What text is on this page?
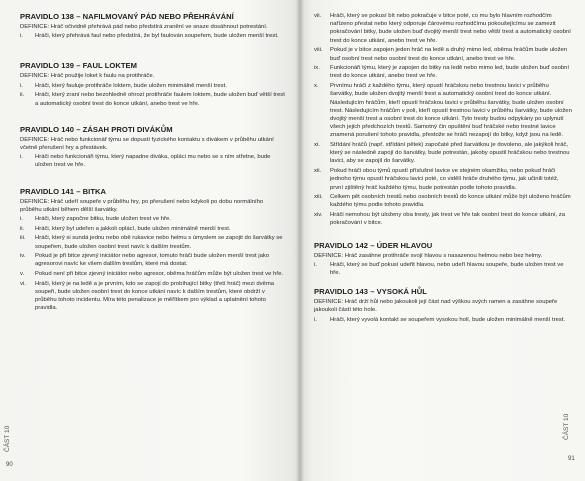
PRAVIDLO 138 – NAFILMOVANÝ PÁD NEBO PŘEHRÁVÁNÍ

DEFINICE: Hráč očividně přehrává pád nebo předstírá zranění ve snaze dosáhnout potrestání.

i.	Hráči, který přehrává faul nebo předstírá, že byl faulován soupeřem, bude uložen menší trest.
PRAVIDLO 139 – FAUL LOKTEM

DEFINICE: Hráč použije loket k faulu na protihráče.

i.	Hráči, který fauluje protihráče loktem, bude uložen minimálně menší trest.
ii.	Hráči, který zraní nebo bezohledně ohrozí protihráče faulem loktem, bude uložen buď větší trest a automatický osobní trest do konce utkání, anebo trest ve hře.
PRAVIDLO 140 – ZÁSAH PROTI DIVÁKŮM

DEFINICE: Hráč nebo funkcionář týmu se dopustí fyzického kontaktu s divákem v průběhu utkání včetně přerušení hry a přestávek.

i.	Hráči nebo funkcionáři týmu, který napadne diváka, opláci mu nebo se s ním střetne, bude uložen trest ve hře.
PRAVIDLO 141 – BITKA

DEFINICE: Hráč udeří soupeře v průběhu hry, po přerušení nebo kdykoli po dobu normálního průběhu utkání během dělší šarvátky.

i.	Hráči, který započne bitku, bude uložen trest ve hře.
ii.	Hráči, který byl udeřen a jakkoli oplácí, bude uložen minimálně menší trest.
iii.	Hráči, který si sundá jednu nebo obě rukavice nebo helmu s úmyslem se zapojit do šarvátky se soupeřem, bude uložen osobní trest navíc k dalším trestům.
iv.	Pokud je při bitce zjevný iniciátor nebo agresor, tomuto hráči bude uložen menší trest jako agresorovi navíc ke všem dalším trestům, které má dostat.
v.	Pokud není při bitce zjevný iniciátor nebo agresor, oběma hráčům může být uložen trest ve hře.
vi.	Hráči, který je na ledě a je prvním, kdo se zapojí do probíhající bitky (třetí hráč) mezi dvěma soupeři, bude uložen osobní trest do konce utkání navíc k dalším trestům, které obdrží v průběhu tohoto incidentu. Míra této penalizace je měřítkem pro výklad a uplatnění tohoto pravidla.
ČÁST 10
90
vii.	Hráči, který se pokusí bít nebo pokračuje v bitce poté, co mu bylo hlavním rozhodčím nařízeno přestat nebo který odporuje čárovému rozhodčímu pokoušejícímu se zamezit pokračování bitky, bude uložen buď dvojitý menší trest nebo větší trest a automatický osobní trest do konce utkání, anebo trest ve hře.
viii.	Pokud je v bitce zapojen jeden hráč na ledě a druhý mimo led, oběma hráčům bude uložen buď osobní trest nebo osobní trest do konce utkání, anebo trest ve hře.
ix.	Funkcionáři týmu, který je zapojen do bitky na ledě nebo mimo led, bude uložen buď osobní trest do konce utkání, anebo trest ve hře.
x.	Prvnímu hráči z každého týmu, který opustí hráčskou nebo trestnou lavici v průběhu šarvátky, bude uložen dvojitý menší trest a automatický osobní trest do konce utkání. Následujícím hráčům, kteří opustí hráčskou lavici v průběhu šarvátky, bude uložen osobní trest. Následujícím hráčům v poli, kteří opustí trestnou lavici v průběhu šarvátky, bude uložen dvojitý menší trest a osobní trest do konce utkání. Tyto tresty budou odpykány po uplynutí všech jejich předchozích trestů. Samotný čin opuštění buď hráčské nebo trestné lavice znamená porušení tohoto pravidla, přestože se hráči nezapojí do bitky, když jsou na ledě.
xi.	Střídání hráčů (např. střídání pětek) započaté před šarvátkou je dovoleno, ale jakýkoli hráč, který se následně zapojí do šarvátky, bude potrestán, jakoby opustil hráčskou nebo trestnou lavici, aby se zapojil do šarvátky.
xii.	Pokud hráči obou týmů opustí příslušné lavice ve stejném okamžiku, nebo pokud hráči jednoho týmu opustí hráčskou lavici poté, co vidělí hráče druhého týmu, jak učinili totéž, první zjištěný hráč každého týmu, bude potrestán podle tohoto pravidla.
xiii.	Celkem pět osobních trestů nebo osobních trestů do konce utkání může být uloženo hráčům každého týmu podle tohoto pravidla.
xiv.	Hráči nemohou být uloženy oba tresty, jak trest ve hře tak osobní trest do konce utkání, za pokračování v bitce.
PRAVIDLO 142 – ÚDER HLAVOU

DEFINICE: Hráč zasáhne protihráče svojí hlavou s nasazenou helmou nebo bez helmy.

i.	Hráči, který se buď pokusí udeřit hlavou, nebo udeří hlavou soupeře, bude uložen trest ve hře.
PRAVIDLO 143 – VYSOKÁ HŮL

DEFINICE: Hráč drží hůl nebo jakoukoli její část nad výškou svých ramen a zasáhne soupeře jakoukoli částí této hole.

i.	Hráči, který vyvolá kontakt se soupeřem vysokou holí, bude uložen minimálně menší trest.
ČÁST 10
91
